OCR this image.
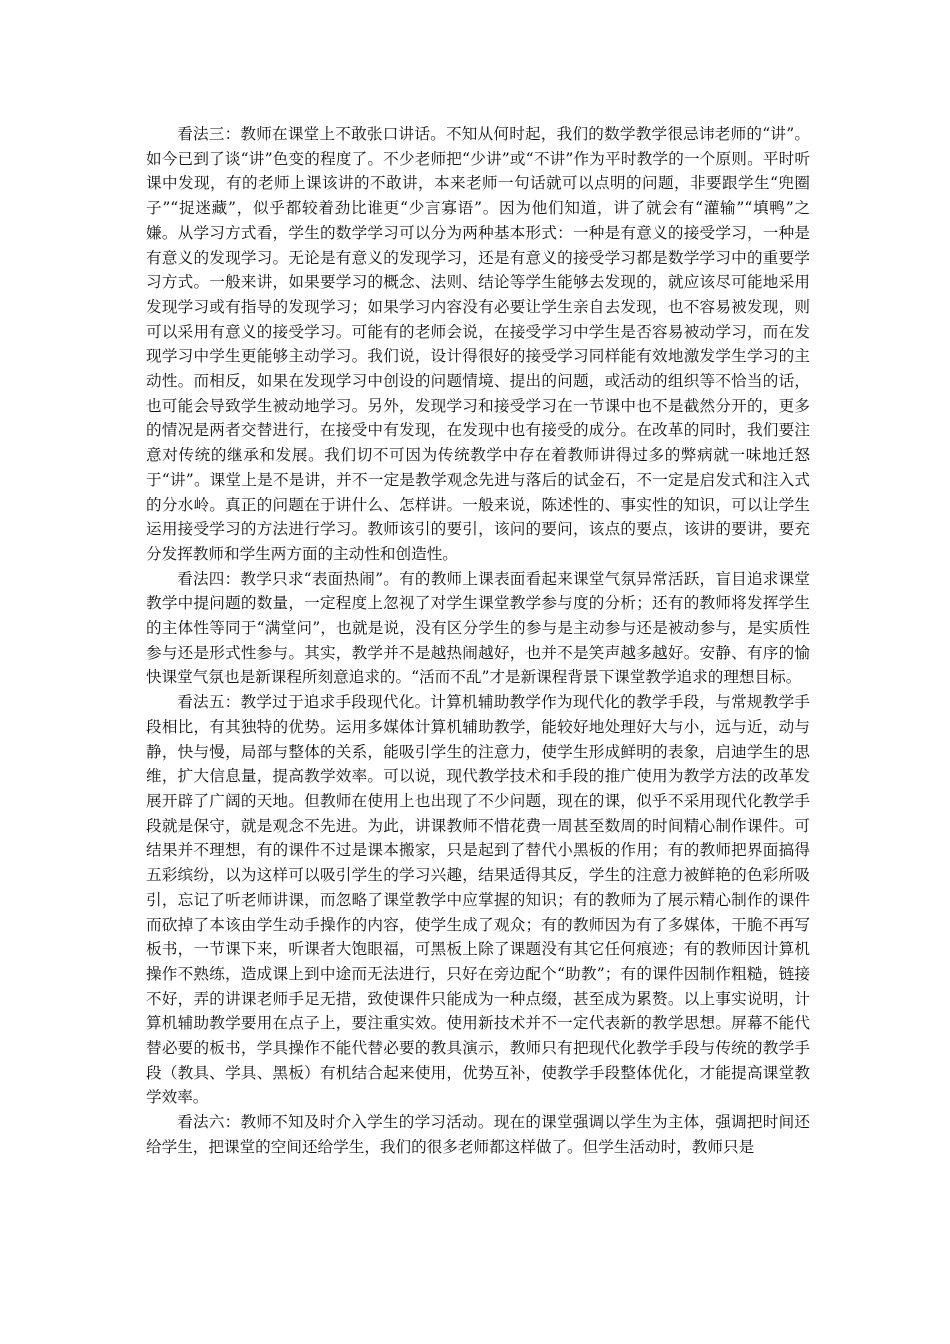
看法三：教师在课堂上不敢张口讲话。不知从何时起，我们的数学教学很忌讳老师的“讲”。如今已到了谈“讲”色变的程度了。不少老师把“少讲”或“不讲”作为平时教学的一个原则。平时听课中发现，有的老师上课该讲的不敢讲，本来老师一句话就可以点明的问题，非要跟学生“兜圈子”“捉迷藏”，似乎都较着劲比谁更“少言寡语”。因为他们知道，讲了就会有“灌输”“填鸭”之嫌。从学习方式看，学生的数学学习可以分为两种基本形式：一种是有意义的接受学习，一种是有意义的发现学习。无论是有意义的发现学习，还是有意义的接受学习都是数学学习中的重要学习方式。一般来讲，如果要学习的概念、法则、结论等学生能够去发现的，就应该尽可能地采用发现学习或有指导的发现学习；如果学习内容没有必要让学生亲自去发现，也不容易被发现，则可以采用有意义的接受学习。可能有的老师会说，在接受学习中学生是否容易被动学习，而在发现学习中学生更能够主动学习。我们说，设计得很好的接受学习同样能有效地激发学生学习的主动性。而相反，如果在发现学习中创设的问题情境、提出的问题，或活动的组织等不恰当的话，也可能会导致学生被动地学习。另外，发现学习和接受学习在一节课中也不是截然分开的，更多的情况是两者交替进行，在接受中有发现，在发现中也有接受的成分。在改革的同时，我们要注意对传统的继承和发展。我们切不可因为传统教学中存在着教师讲得过多的弊病就一味地迁怒于“讲”。课堂上是不是讲，并不一定是教学观念先进与落后的试金石，不一定是启发式和注入式的分水岭。真正的问题在于讲什么、怎样讲。一般来说，陈述性的、事实性的知识，可以让学生运用接受学习的方法进行学习。教师该引的要引，该问的要问，该点的要点，该讲的要讲，要充分发挥教师和学生两方面的主动性和创造性。

看法四：教学只求“表面热闹”。有的教师上课表面看起来课堂气氛异常活跃，盲目追求课堂教学中提问题的数量，一定程度上忽视了对学生课堂教学参与度的分析；还有的教师将发挥学生的主体性等同于“满堂问”，也就是说，没有区分学生的参与是主动参与还是被动参与，是实质性参与还是形式性参与。其实，教学并不是越热闹越好，也并不是笑声越多越好。安静、有序的愉快课堂气氛也是新课程所刻意追求的。“活而不乱”才是新课程背景下课堂教学追求的理想目标。

看法五：教学过于追求手段现代化。计算机辅助教学作为现代化的教学手段，与常规教学手段相比，有其独特的优势。运用多媒体计算机辅助教学，能较好地处理好大与小，远与近，动与静，快与慢，局部与整体的关系，能吸引学生的注意力，使学生形成鲜明的表象，启迪学生的思维，扩大信息量，提高教学效率。可以说，现代教学技术和手段的推广使用为教学方法的改革发展开辟了广阔的天地。但教师在使用上也出现了不少问题，现在的课，似乎不采用现代化教学手段就是保守，就是观念不先进。为此，讲课教师不惜花费一周甚至数周的时间精心制作课件。可结果并不理想，有的课件不过是课本搬家，只是起到了替代小黑板的作用；有的教师把界面搞得五彩缤纷，以为这样可以吸引学生的学习兴趣，结果适得其反，学生的注意力被鲜艳的色彩所吸引，忘记了听老师讲课，而忽略了课堂教学中应掌握的知识；有的教师为了展示精心制作的课件而砍掉了本该由学生动手操作的内容，使学生成了观众；有的教师因为有了多媒体，干脆不再写板书，一节课下来，听课者大饱眼福，可黑板上除了课题没有其它任何痕迹；有的教师因计算机操作不熟练，造成课上到中途而无法进行，只好在旁边配个“助教”；有的课件因制作粗糙，链接不好，弄的讲课老师手足无措，致使课件只能成为一种点缀，甚至成为累赘。以上事实说明，计算机辅助教学要用在点子上，要注重实效。使用新技术并不一定代表新的教学思想。屏幕不能代替必要的板书，学具操作不能代替必要的教具演示，教师只有把现代化教学手段与传统的教学手段（教具、学具、黑板）有机结合起来使用，优势互补，使教学手段整体优化，才能提高课堂教学效率。

看法六：教师不知及时介入学生的学习活动。现在的课堂强调以学生为主体，强调把时间还给学生，把课堂的空间还给学生，我们的很多老师都这样做了。但学生活动时，教师只是
